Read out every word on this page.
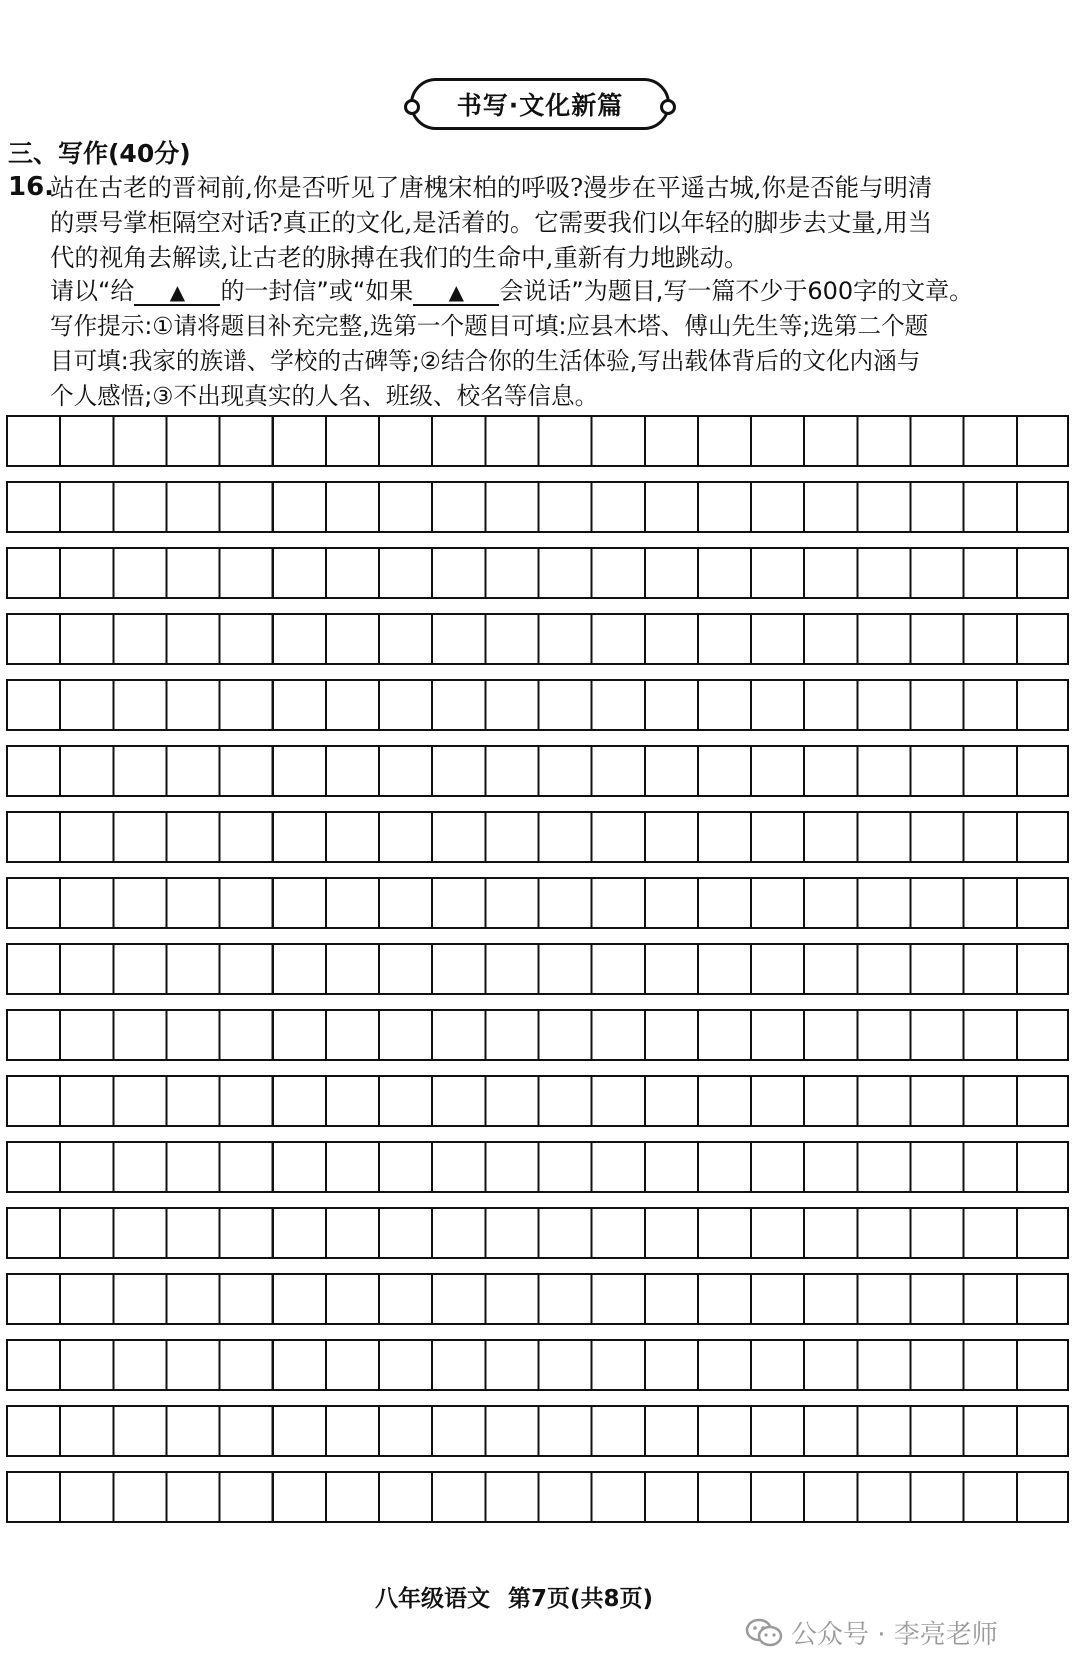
书写·文化新篇
三、写作(40分)
16.
站在古老的晋祠前,你是否听见了唐槐宋柏的呼吸?漫步在平遥古城,你是否能与明清
的票号掌柜隔空对话?真正的文化,是活着的。它需要我们以年轻的脚步去丈量,用当
代的视角去解读,让古老的脉搏在我们的生命中,重新有力地跳动。
请以“给 ▲ 的一封信”或“如果 ▲ 会说话”为题目,写一篇不少于600字的文章。
写作提示:①请将题目补充完整,选第一个题目可填:应县木塔、傅山先生等;选第二个题
目可填:我家的族谱、学校的古碑等;②结合你的生活体验,写出载体背后的文化内涵与
个人感悟;③不出现真实的人名、班级、校名等信息。
八年级语文 第7页(共8页)
公众号 · 李亮老师
